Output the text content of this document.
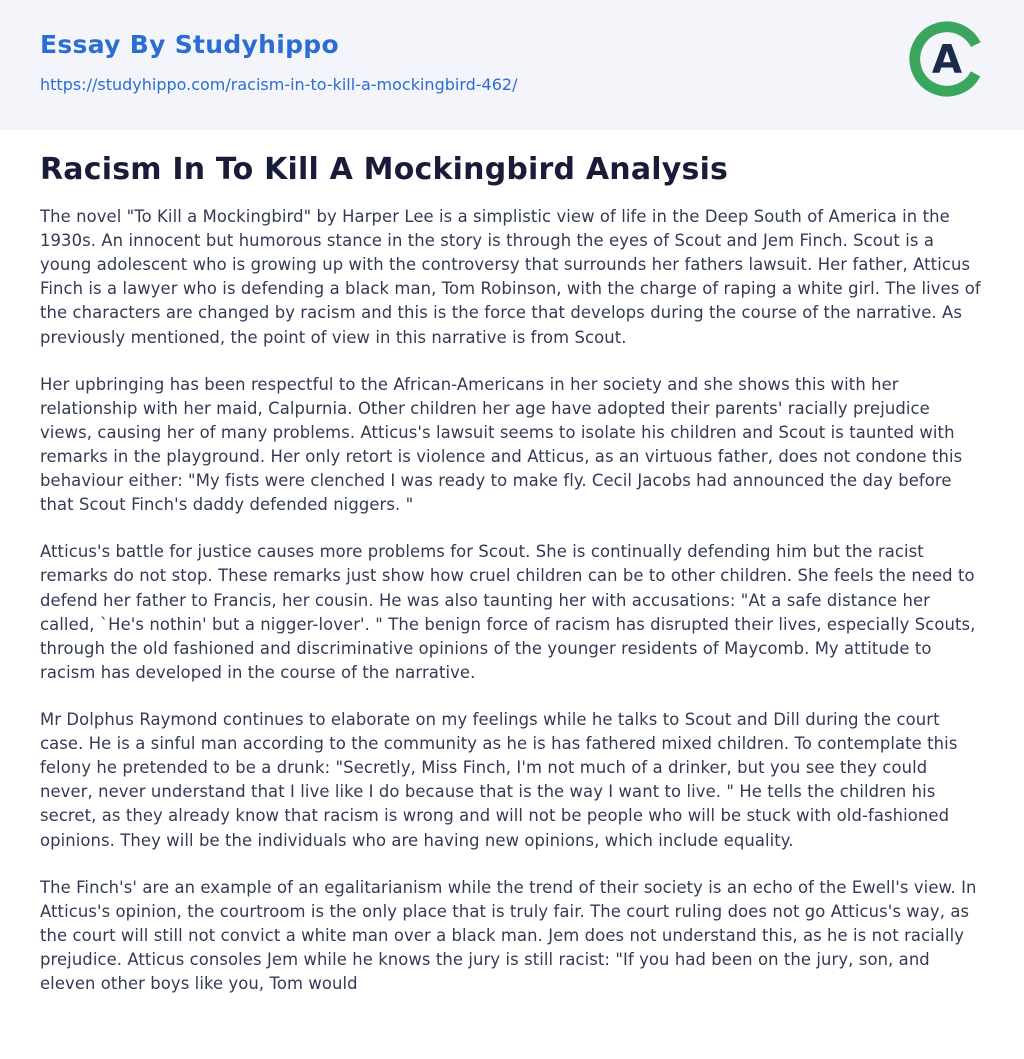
Essay By Studyhippo
https://studyhippo.com/racism-in-to-kill-a-mockingbird-462/
A
Racism In To Kill A Mockingbird Analysis

The novel "To Kill a Mockingbird" by Harper Lee is a simplistic view of life in the Deep South of America in the 1930s. An innocent but humorous stance in the story is through the eyes of Scout and Jem Finch. Scout is a young adolescent who is growing up with the controversy that surrounds her fathers lawsuit. Her father, Atticus Finch is a lawyer who is defending a black man, Tom Robinson, with the charge of raping a white girl. The lives of the characters are changed by racism and this is the force that develops during the course of the narrative. As previously mentioned, the point of view in this narrative is from Scout.

Her upbringing has been respectful to the African-Americans in her society and she shows this with her relationship with her maid, Calpurnia. Other children her age have adopted their parents' racially prejudice views, causing her of many problems. Atticus's lawsuit seems to isolate his children and Scout is taunted with remarks in the playground. Her only retort is violence and Atticus, as an virtuous father, does not condone this behaviour either: "My fists were clenched I was ready to make fly. Cecil Jacobs had announced the day before that Scout Finch's daddy defended niggers. "

Atticus's battle for justice causes more problems for Scout. She is continually defending him but the racist remarks do not stop. These remarks just show how cruel children can be to other children. She feels the need to defend her father to Francis, her cousin. He was also taunting her with accusations: "At a safe distance her called, `He's nothin' but a nigger-lover'. " The benign force of racism has disrupted their lives, especially Scouts, through the old fashioned and discriminative opinions of the younger residents of Maycomb. My attitude to racism has developed in the course of the narrative.

Mr Dolphus Raymond continues to elaborate on my feelings while he talks to Scout and Dill during the court case. He is a sinful man according to the community as he is has fathered mixed children. To contemplate this felony he pretended to be a drunk: "Secretly, Miss Finch, I'm not much of a drinker, but you see they could never, never understand that I live like I do because that is the way I want to live. " He tells the children his secret, as they already know that racism is wrong and will not be people who will be stuck with old-fashioned opinions. They will be the individuals who are having new opinions, which include equality.

The Finch's' are an example of an egalitarianism while the trend of their society is an echo of the Ewell's view. In Atticus's opinion, the courtroom is the only place that is truly fair. The court ruling does not go Atticus's way, as the court will still not convict a white man over a black man. Jem does not understand this, as he is not racially prejudice. Atticus consoles Jem while he knows the jury is still racist: "If you had been on the jury, son, and eleven other boys like you, Tom would
